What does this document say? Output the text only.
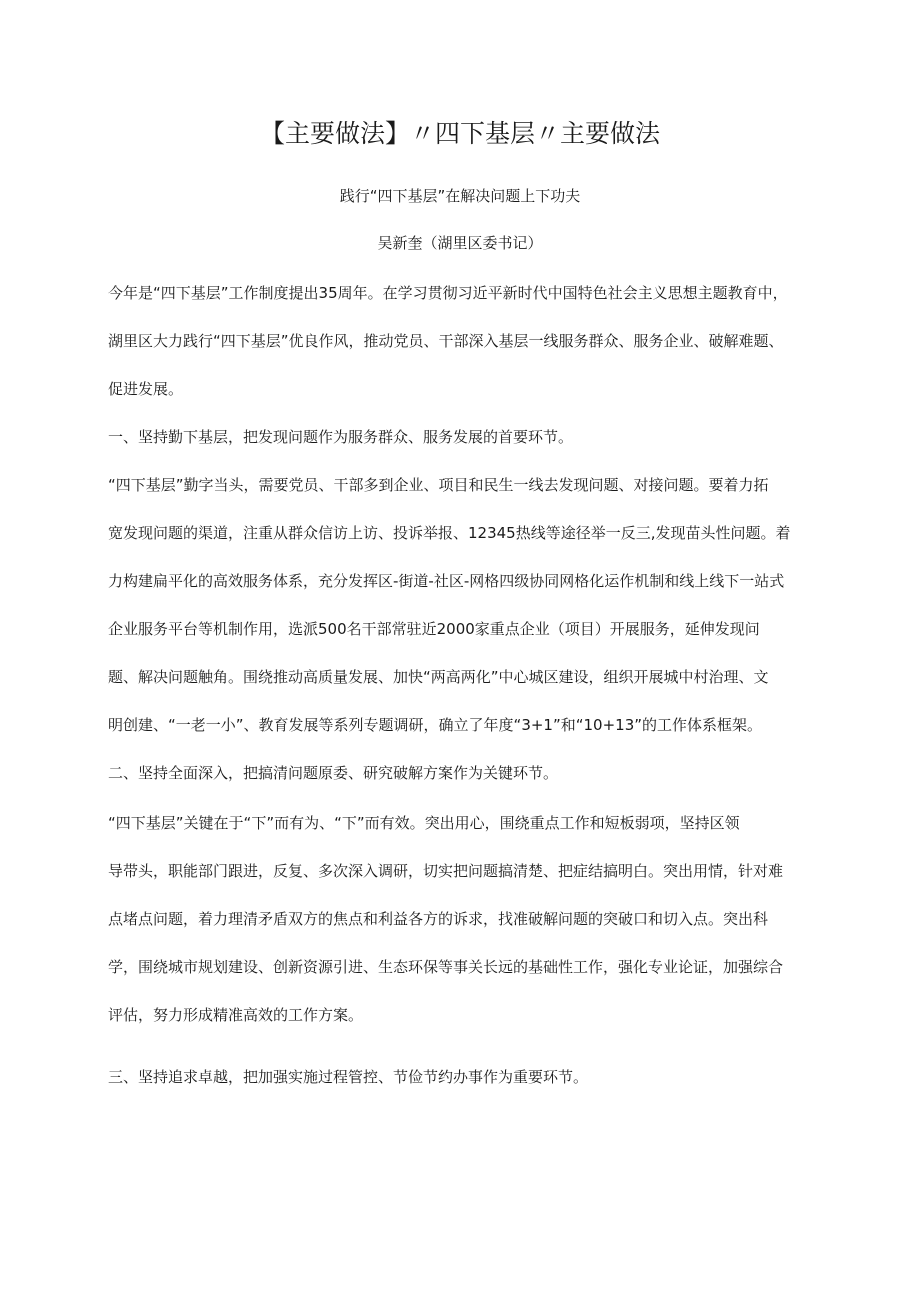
【主要做法】〃四下基层〃主要做法
践行“四下基层”在解决问题上下功夫
吴新奎（湖里区委书记）
今年是“四下基层”工作制度提出35周年。在学习贯彻习近平新时代中国特色社会主义思想主题教育中，
湖里区大力践行“四下基层”优良作风，推动党员、干部深入基层一线服务群众、服务企业、破解难题、
促进发展。
一、坚持勤下基层，把发现问题作为服务群众、服务发展的首要环节。
“四下基层”勤字当头，需要党员、干部多到企业、项目和民生一线去发现问题、对接问题。要着力拓
宽发现问题的渠道，注重从群众信访上访、投诉举报、12345热线等途径举一反三,发现苗头性问题。着
力构建扁平化的高效服务体系，充分发挥区-街道-社区-网格四级协同网格化运作机制和线上线下一站式
企业服务平台等机制作用，选派500名干部常驻近2000家重点企业（项目）开展服务，延伸发现问
题、解决问题触角。围绕推动高质量发展、加快“两高两化”中心城区建设，组织开展城中村治理、文
明创建、“一老一小”、教育发展等系列专题调研，确立了年度“3+1”和“10+13”的工作体系框架。
二、坚持全面深入，把搞清问题原委、研究破解方案作为关键环节。
“四下基层”关键在于“下”而有为、“下”而有效。突出用心，围绕重点工作和短板弱项，坚持区领
导带头，职能部门跟进，反复、多次深入调研，切实把问题搞清楚、把症结搞明白。突出用情，针对难
点堵点问题，着力理清矛盾双方的焦点和利益各方的诉求，找准破解问题的突破口和切入点。突出科
学，围绕城市规划建设、创新资源引进、生态环保等事关长远的基础性工作，强化专业论证，加强综合
评估，努力形成精准高效的工作方案。
三、坚持追求卓越，把加强实施过程管控、节俭节约办事作为重要环节。
